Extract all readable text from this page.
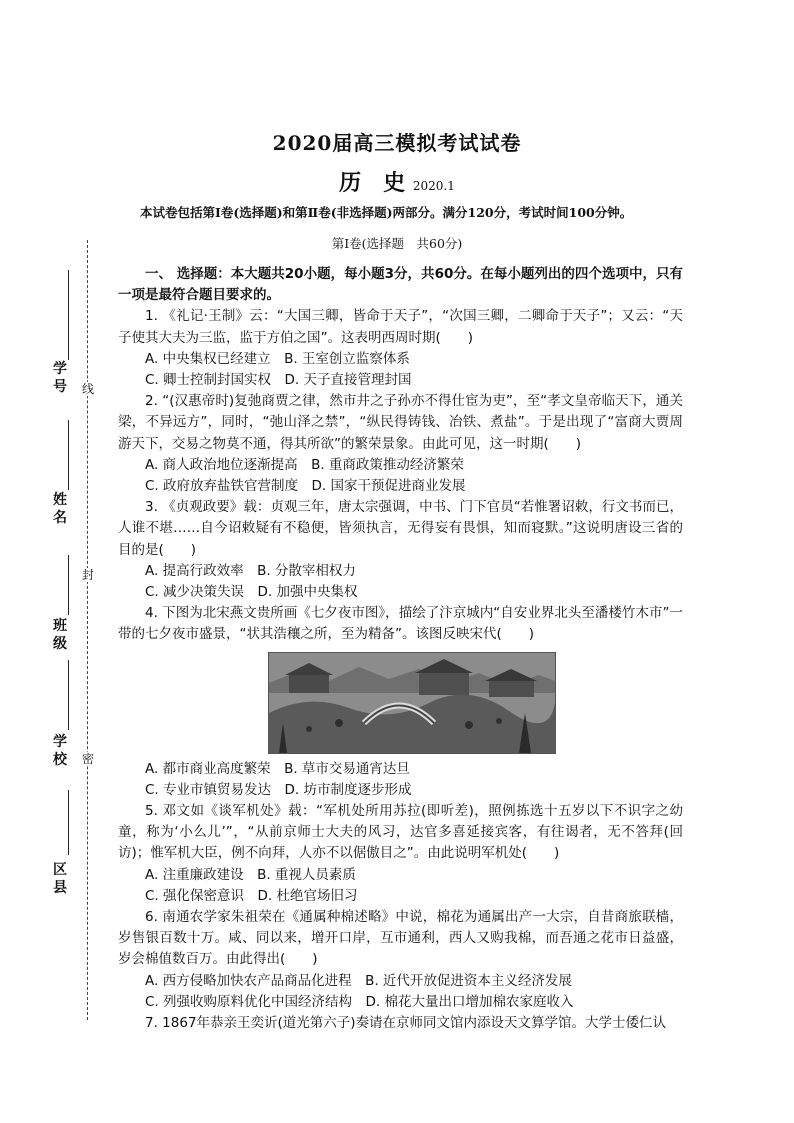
学号
姓名
班级
学校
区县
线
封
密
2020届高三模拟考试试卷
历　史 2020.1
本试卷包括第Ⅰ卷(选择题)和第Ⅱ卷(非选择题)两部分。满分120分，考试时间100分钟。
第Ⅰ卷(选择题　共60分)

一、 选择题：本大题共20小题，每小题3分，共60分。在每小题列出的四个选项中，只有一项是最符合题目要求的。

1. 《礼记·王制》云：“大国三卿，皆命于天子”，“次国三卿，二卿命于天子”；又云：“天子使其大夫为三监，监于方伯之国”。这表明西周时期(　　)

A. 中央集权已经建立　B. 王室创立监察体系

C. 卿士控制封国实权　D. 天子直接管理封国

2. “(汉惠帝时)复弛商贾之律，然市井之子孙亦不得仕宦为吏”，至“孝文皇帝临天下，通关梁，不异远方”，同时，“弛山泽之禁”，“纵民得铸钱、冶铁、煮盐”。于是出现了“富商大贾周游天下，交易之物莫不通，得其所欲”的繁荣景象。由此可见，这一时期(　　)

A. 商人政治地位逐渐提高　B. 重商政策推动经济繁荣

C. 政府放弃盐铁官营制度　D. 国家干预促进商业发展

3. 《贞观政要》载：贞观三年，唐太宗强调，中书、门下官员“若惟署诏敕，行文书而已，人谁不堪……自今诏敕疑有不稳便，皆须执言，无得妄有畏惧，知而寝默。”这说明唐设三省的目的是(　　)

A. 提高行政效率　B. 分散宰相权力

C. 减少决策失误　D. 加强中央集权

4. 下图为北宋燕文贵所画《七夕夜市图》，描绘了汴京城内“自安业界北头至潘楼竹木市”一带的七夕夜市盛景，“状其浩穰之所，至为精备”。该图反映宋代(　　)

A. 都市商业高度繁荣　B. 草市交易通宵达旦

C. 专业市镇贸易发达　D. 坊市制度逐步形成

5. 邓文如《谈军机处》载：“军机处所用苏拉(即听差)，照例拣选十五岁以下不识字之幼童，称为‘小么儿’”，“从前京师士大夫的风习，达官多喜延接宾客，有往谒者，无不答拜(回访)；惟军机大臣，例不向拜，人亦不以倨傲目之”。由此说明军机处(　　)

A. 注重廉政建设　B. 重视人员素质

C. 强化保密意识　D. 杜绝官场旧习

6. 南通农学家朱祖荣在《通属种棉述略》中说，棉花为通属出产一大宗，自昔商旅联樯，岁售银百数十万。咸、同以来，增开口岸，互市通利，西人又购我棉，而吾通之花市日益盛，岁会棉值数百万。由此得出(　　)

A. 西方侵略加快农产品商品化进程　B. 近代开放促进资本主义经济发展

C. 列强收购原料优化中国经济结构　D. 棉花大量出口增加棉农家庭收入

7. 1867年恭亲王奕䜣(道光第六子)奏请在京师同文馆内添设天文算学馆。大学士倭仁认
